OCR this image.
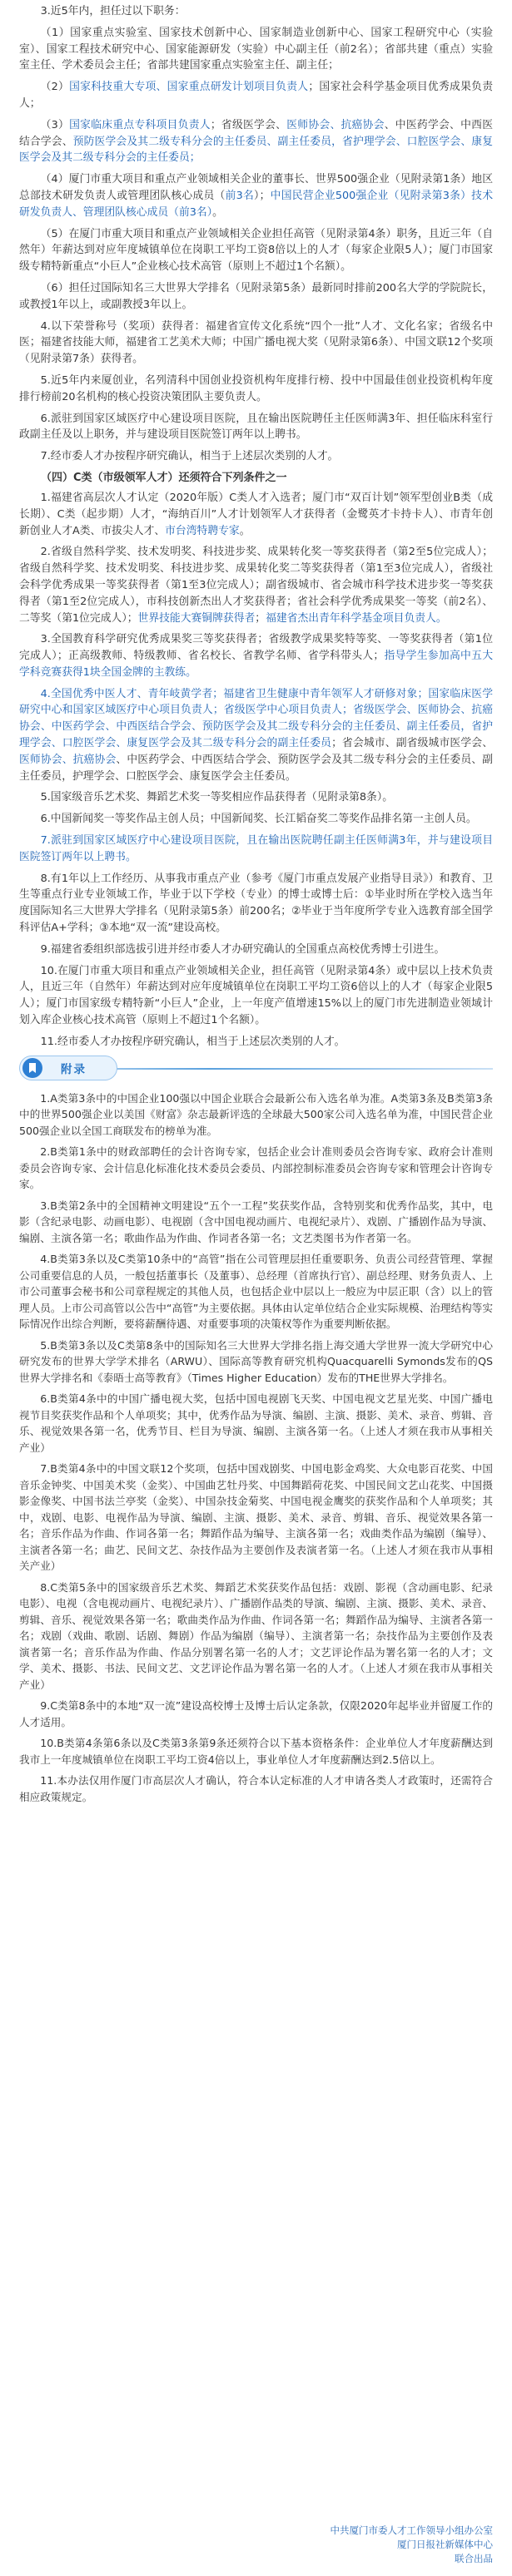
3.近5年内，担任过以下职务：

（1）国家重点实验室、国家技术创新中心、国家制造业创新中心、国家工程研究中心（实验室）、国家工程技术研究中心、国家能源研发（实验）中心副主任（前2名）；省部共建（重点）实验室主任、学术委员会主任；省部共建国家重点实验室主任、副主任；

（2）国家科技重大专项、国家重点研发计划项目负责人；国家社会科学基金项目优秀成果负责人；

（3）国家临床重点专科项目负责人；省级医学会、医师协会、抗癌协会、中医药学会、中西医结合学会、预防医学会及其二级专科分会的主任委员、副主任委员，省护理学会、口腔医学会、康复医学会及其二级专科分会的主任委员；

（4）厦门市重大项目和重点产业领域相关企业的董事长、世界500强企业（见附录第1条）地区总部技术研发负责人或管理团队核心成员（前3名）；中国民营企业500强企业（见附录第3条）技术研发负责人、管理团队核心成员（前3名）。

（5）在厦门市重大项目和重点产业领域相关企业担任高管（见附录第4条）职务，且近三年（自然年）年薪达到对应年度城镇单位在岗职工平均工资8倍以上的人才（每家企业限5人）；厦门市国家级专精特新重点“小巨人”企业核心技术高管（原则上不超过1个名额）。

（6）担任过国际知名三大世界大学排名（见附录第5条）最新同时排前200名大学的学院院长，或教授1年以上，或副教授3年以上。

4.以下荣誉称号（奖项）获得者：福建省宣传文化系统“四个一批”人才、文化名家；省级名中医；福建省技能大师，福建省工艺美术大师；中国广播电视大奖（见附录第6条）、中国文联12个奖项（见附录第7条）获得者。

5.近5年内来厦创业，名列清科中国创业投资机构年度排行榜、投中中国最佳创业投资机构年度排行榜前20名机构的核心投资决策团队主要负责人。

6.派驻到国家区域医疗中心建设项目医院，且在输出医院聘任主任医师满3年、担任临床科室行政副主任及以上职务，并与建设项目医院签订两年以上聘书。

7.经市委人才办按程序研究确认，相当于上述层次类别的人才。

（四）C类（市级领军人才）还须符合下列条件之一

1.福建省高层次人才认定（2020年版）C类人才入选者；厦门市“双百计划”领军型创业B类（成长期）、C类（起步期）人才，“海纳百川”人才计划领军人才获得者（金鹭英才卡持卡人）、市青年创新创业人才A类、市拔尖人才、市台湾特聘专家。

2.省级自然科学奖、技术发明奖、科技进步奖、成果转化奖一等奖获得者（第2至5位完成人）；省级自然科学奖、技术发明奖、科技进步奖、成果转化奖二等奖获得者（第1至3位完成人），省级社会科学优秀成果一等奖获得者（第1至3位完成人）；副省级城市、省会城市科学技术进步奖一等奖获得者（第1至2位完成人），市科技创新杰出人才奖获得者；省社会科学优秀成果奖一等奖（前2名）、二等奖（第1位完成人）；世界技能大赛铜牌获得者；福建省杰出青年科学基金项目负责人。

3.全国教育科学研究优秀成果奖三等奖获得者；省级教学成果奖特等奖、一等奖获得者（第1位完成人）；正高级教师、特级教师、省名校长、省教学名师、省学科带头人；指导学生参加高中五大学科竞赛获得1块全国金牌的主教练。

4.全国优秀中医人才、青年岐黄学者；福建省卫生健康中青年领军人才研修对象；国家临床医学研究中心和国家区域医疗中心项目负责人；省级医学中心项目负责人；省级医学会、医师协会、抗癌协会、中医药学会、中西医结合学会、预防医学会及其二级专科分会的主任委员、副主任委员，省护理学会、口腔医学会、康复医学会及其二级专科分会的副主任委员；省会城市、副省级城市医学会、医师协会、抗癌协会、中医药学会、中西医结合学会、预防医学会及其二级专科分会的主任委员、副主任委员，护理学会、口腔医学会、康复医学会主任委员。

5.国家级音乐艺术奖、舞蹈艺术奖一等奖相应作品获得者（见附录第8条）。

6.中国新闻奖一等奖作品主创人员；中国新闻奖、长江韬奋奖二等奖作品排名第一主创人员。

7.派驻到国家区域医疗中心建设项目医院，且在输出医院聘任副主任医师满3年，并与建设项目医院签订两年以上聘书。

8.有1年以上工作经历、从事我市重点产业（参考《厦门市重点发展产业指导目录》）和教育、卫生等重点行业专业领域工作，毕业于以下学校（专业）的博士或博士后：①毕业时所在学校入选当年度国际知名三大世界大学排名（见附录第5条）前200名；②毕业于当年度所学专业入选教育部全国学科评估A+学科；③本地“双一流”建设高校。

9.福建省委组织部选拔引进并经市委人才办研究确认的全国重点高校优秀博士引进生。

10.在厦门市重大项目和重点产业领域相关企业，担任高管（见附录第4条）或中层以上技术负责人，且近三年（自然年）年薪达到对应年度城镇单位在岗职工平均工资6倍以上的人才（每家企业限5人）；厦门市国家级专精特新“小巨人”企业，上一年度产值增速15%以上的厦门市先进制造业领域计划入库企业核心技术高管（原则上不超过1个名额）。

11.经市委人才办按程序研究确认，相当于上述层次类别的人才。

附录

1.A类第3条中的中国企业100强以中国企业联合会最新公布入选名单为准。A类第3条及B类第3条中的世界500强企业以美国《财富》杂志最新评选的全球最大500家公司入选名单为准，中国民营企业500强企业以全国工商联发布的榜单为准。

2.B类第1条中的财政部聘任的会计咨询专家，包括企业会计准则委员会咨询专家、政府会计准则委员会咨询专家、会计信息化标准化技术委员会委员、内部控制标准委员会咨询专家和管理会计咨询专家。

3.B类第2条中的全国精神文明建设“五个一工程”奖获奖作品，含特别奖和优秀作品奖，其中，电影（含纪录电影、动画电影）、电视剧（含中国电视动画片、电视纪录片）、戏剧、广播剧作品为导演、编剧、主演各第一名；歌曲作品为作曲、作词者各第一名；文艺类图书为作者第一名。

4.B类第3条以及C类第10条中的“高管”指在公司管理层担任重要职务、负责公司经营管理、掌握公司重要信息的人员，一般包括董事长（及董事）、总经理（首席执行官）、副总经理、财务负责人、上市公司董事会秘书和公司章程规定的其他人员，也包括企业中层以上一般应为中层正职（含）以上的管理人员。上市公司高管以公告中“高管”为主要依据。具体由认定单位结合企业实际规模、治理结构等实际情况作出综合判断，要将薪酬待遇、对重要事项的决策权等作为重要判断依据。

5.B类第3条以及C类第8条中的国际知名三大世界大学排名指上海交通大学世界一流大学研究中心研究发布的世界大学学术排名（ARWU）、国际高等教育研究机构Quacquarelli Symonds发布的QS世界大学排名和《泰晤士高等教育》（Times Higher Education）发布的THE世界大学排名。

6.B类第4条中的中国广播电视大奖，包括中国电视剧飞天奖、中国电视文艺星光奖、中国广播电视节目奖获奖作品和个人单项奖；其中，优秀作品为导演、编剧、主演、摄影、美术、录音、剪辑、音乐、视觉效果各第一名，优秀节目、栏目为导演、编剧、主演各第一名。（上述人才须在我市从事相关产业）

7.B类第4条中的中国文联12个奖项，包括中国戏剧奖、中国电影金鸡奖、大众电影百花奖、中国音乐金钟奖、中国美术奖（金奖）、中国曲艺牡丹奖、中国舞蹈荷花奖、中国民间文艺山花奖、中国摄影金像奖、中国书法兰亭奖（金奖）、中国杂技金菊奖、中国电视金鹰奖的获奖作品和个人单项奖；其中，戏剧、电影、电视作品为导演、编剧、主演、摄影、美术、录音、剪辑、音乐、视觉效果各第一名；音乐作品为作曲、作词各第一名；舞蹈作品为编导、主演各第一名；戏曲类作品为编剧（编导）、主演者各第一名；曲艺、民间文艺、杂技作品为主要创作及表演者第一名。（上述人才须在我市从事相关产业）

8.C类第5条中的国家级音乐艺术奖、舞蹈艺术奖获奖作品包括：戏剧、影视（含动画电影、纪录电影）、电视（含电视动画片、电视纪录片）、广播剧作品类的导演、编剧、主演、摄影、美术、录音、剪辑、音乐、视觉效果各第一名；歌曲类作品为作曲、作词各第一名；舞蹈作品为编导、主演者各第一名；戏剧（戏曲、歌剧、话剧、舞剧）作品为编剧（编导）、主演者第一名；杂技作品为主要创作及表演者第一名；音乐作品为作曲、作品分别署名第一名的人才；文艺评论作品为署名第一名的人才；文学、美术、摄影、书法、民间文艺、文艺评论作品为署名第一名的人才。（上述人才须在我市从事相关产业）

9.C类第8条中的本地“双一流”建设高校博士及博士后认定条款，仅限2020年起毕业并留厦工作的人才适用。

10.B类第4条第6条以及C类第3条第9条还须符合以下基本资格条件：企业单位人才年度薪酬达到我市上一年度城镇单位在岗职工平均工资4倍以上，事业单位人才年度薪酬达到2.5倍以上。

11.本办法仅用作厦门市高层次人才确认，符合本认定标准的人才申请各类人才政策时，还需符合相应政策规定。

中共厦门市委人才工作领导小组办公室
厦门日报社新媒体中心
联合出品
